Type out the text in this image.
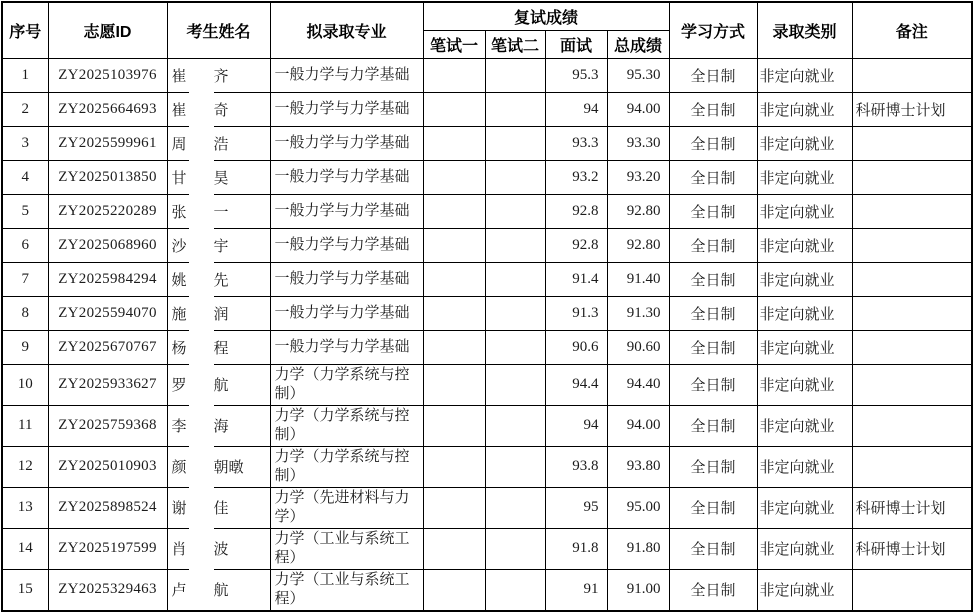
序号	志愿ID	考生姓名	拟录取专业	复试成绩				学习方式	录取类别	备注
				笔试一	笔试二	面试	总成绩			
1	ZY2025103976	崔 齐	一般力学与力学基础			95.3	95.30	全日制	非定向就业	
2	ZY2025664693	崔 奇	一般力学与力学基础			94	94.00	全日制	非定向就业	科研博士计划
3	ZY2025599961	周 浩	一般力学与力学基础			93.3	93.30	全日制	非定向就业	
4	ZY2025013850	甘 昊	一般力学与力学基础			93.2	93.20	全日制	非定向就业	
5	ZY2025220289	张 一	一般力学与力学基础			92.8	92.80	全日制	非定向就业	
6	ZY2025068960	沙 宇	一般力学与力学基础			92.8	92.80	全日制	非定向就业	
7	ZY2025984294	姚 先	一般力学与力学基础			91.4	91.40	全日制	非定向就业	
8	ZY2025594070	施 润	一般力学与力学基础			91.3	91.30	全日制	非定向就业	
9	ZY2025670767	杨 程	一般力学与力学基础			90.6	90.60	全日制	非定向就业	
10	ZY2025933627	罗 航	力学（力学系统与控制）			94.4	94.40	全日制	非定向就业	
11	ZY2025759368	李 海	力学（力学系统与控制）			94	94.00	全日制	非定向就业	
12	ZY2025010903	颜 朝暾	力学（力学系统与控制）			93.8	93.80	全日制	非定向就业	
13	ZY2025898524	谢 佳	力学（先进材料与力学）			95	95.00	全日制	非定向就业	科研博士计划
14	ZY2025197599	肖 波	力学（工业与系统工程）			91.8	91.80	全日制	非定向就业	科研博士计划
15	ZY2025329463	卢 航	力学（工业与系统工程）			91	91.00	全日制	非定向就业	
